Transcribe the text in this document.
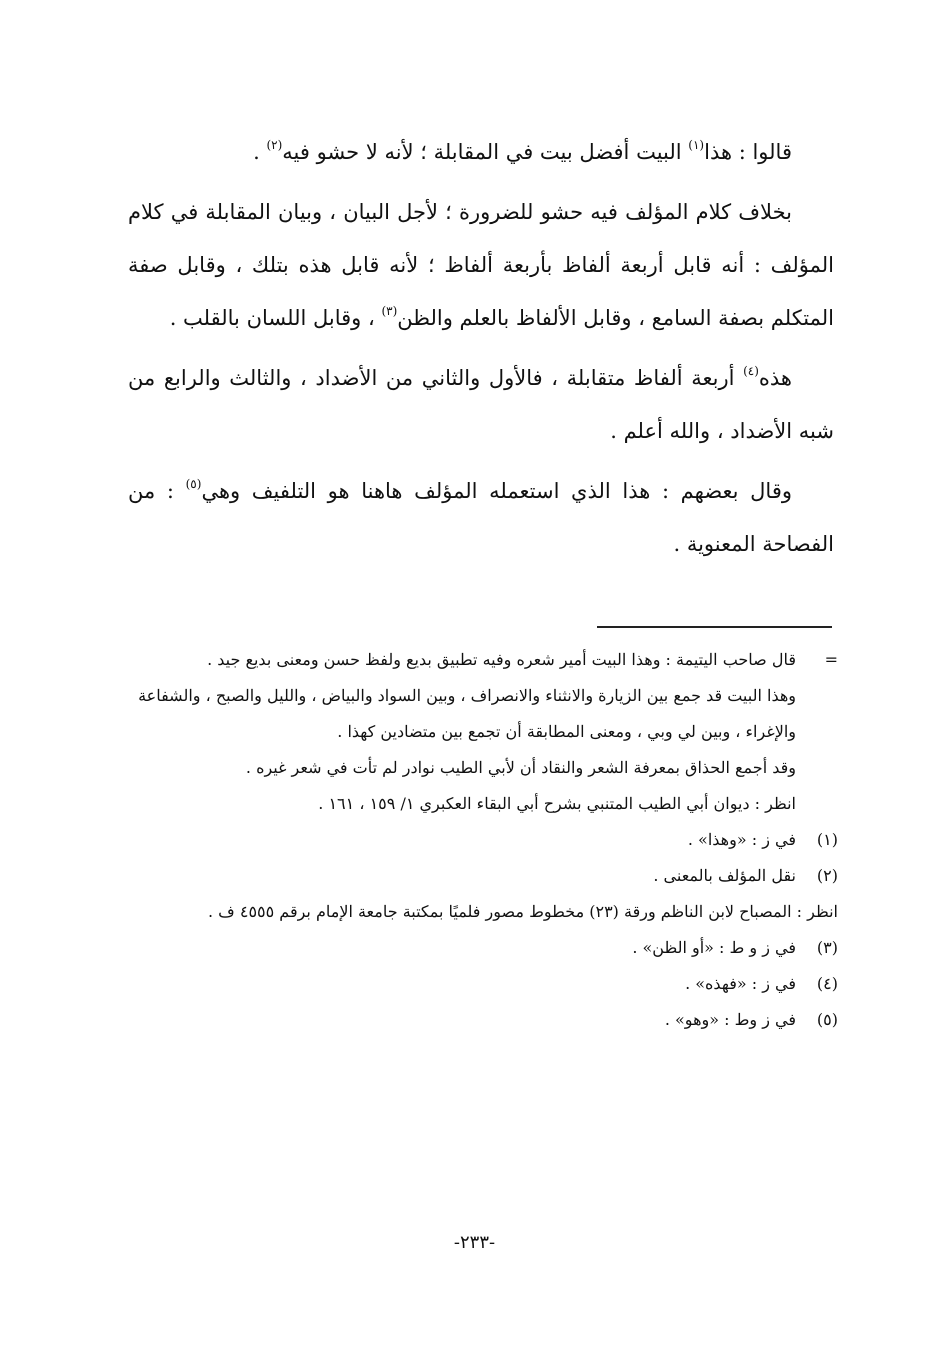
قالوا : هذا$^{(١)}$ البيت أفضل بيت في المقابلة ؛ لأنه لا حشو فيه$^{(٢)}$ .

بخلاف كلام المؤلف فيه حشو للضرورة ؛ لأجل البيان ، وبيان المقابلة في كلام المؤلف : أنه قابل أربعة ألفاظ بأربعة ألفاظ ؛ لأنه قابل هذه بتلك ، وقابل صفة المتكلم بصفة السامع ، وقابل الألفاظ بالعلم والظن$^{(٣)}$ ، وقابل اللسان بالقلب .

هذه$^{(٤)}$ أربعة ألفاظ متقابلة ، فالأول والثاني من الأضداد ، والثالث والرابع من شبه الأضداد ، والله أعلم .

وقال بعضهم : هذا الذي استعمله المؤلف هاهنا هو التلفيف وهي$^{(٥)}$ : من الفصاحة المعنوية .

=
قال صاحب اليتيمة : وهذا البيت أمير شعره وفيه تطبيق بديع ولفظ حسن ومعنى بديع جيد .

وهذا البيت قد جمع بين الزيارة والانثناء والانصراف ، وبين السواد والبياض ، والليل والصبح ، والشفاعة والإغراء ، وبين لي وبي ، ومعنى المطابقة أن تجمع بين متضادين كهذا .

وقد أجمع الحذاق بمعرفة الشعر والنقاد أن لأبي الطيب نوادر لم تأت في شعر غيره .

انظر : ديوان أبي الطيب المتنبي بشرح أبي البقاء العكبري ١/ ١٥٩ ، ١٦١ .

(١)
في ز : «وهذا» .

(٢)
نقل المؤلف بالمعنى .

انظر : المصباح لابن الناظم ورقة (٢٣) مخطوط مصور فلميًا بمكتبة جامعة الإمام برقم ٤٥٥٥ ف .

(٣)
في ز و ط : «أو الظن» .

(٤)
في ز : «فهذه» .

(٥)
في ز وط : «وهو» .

-٢٣٣-
